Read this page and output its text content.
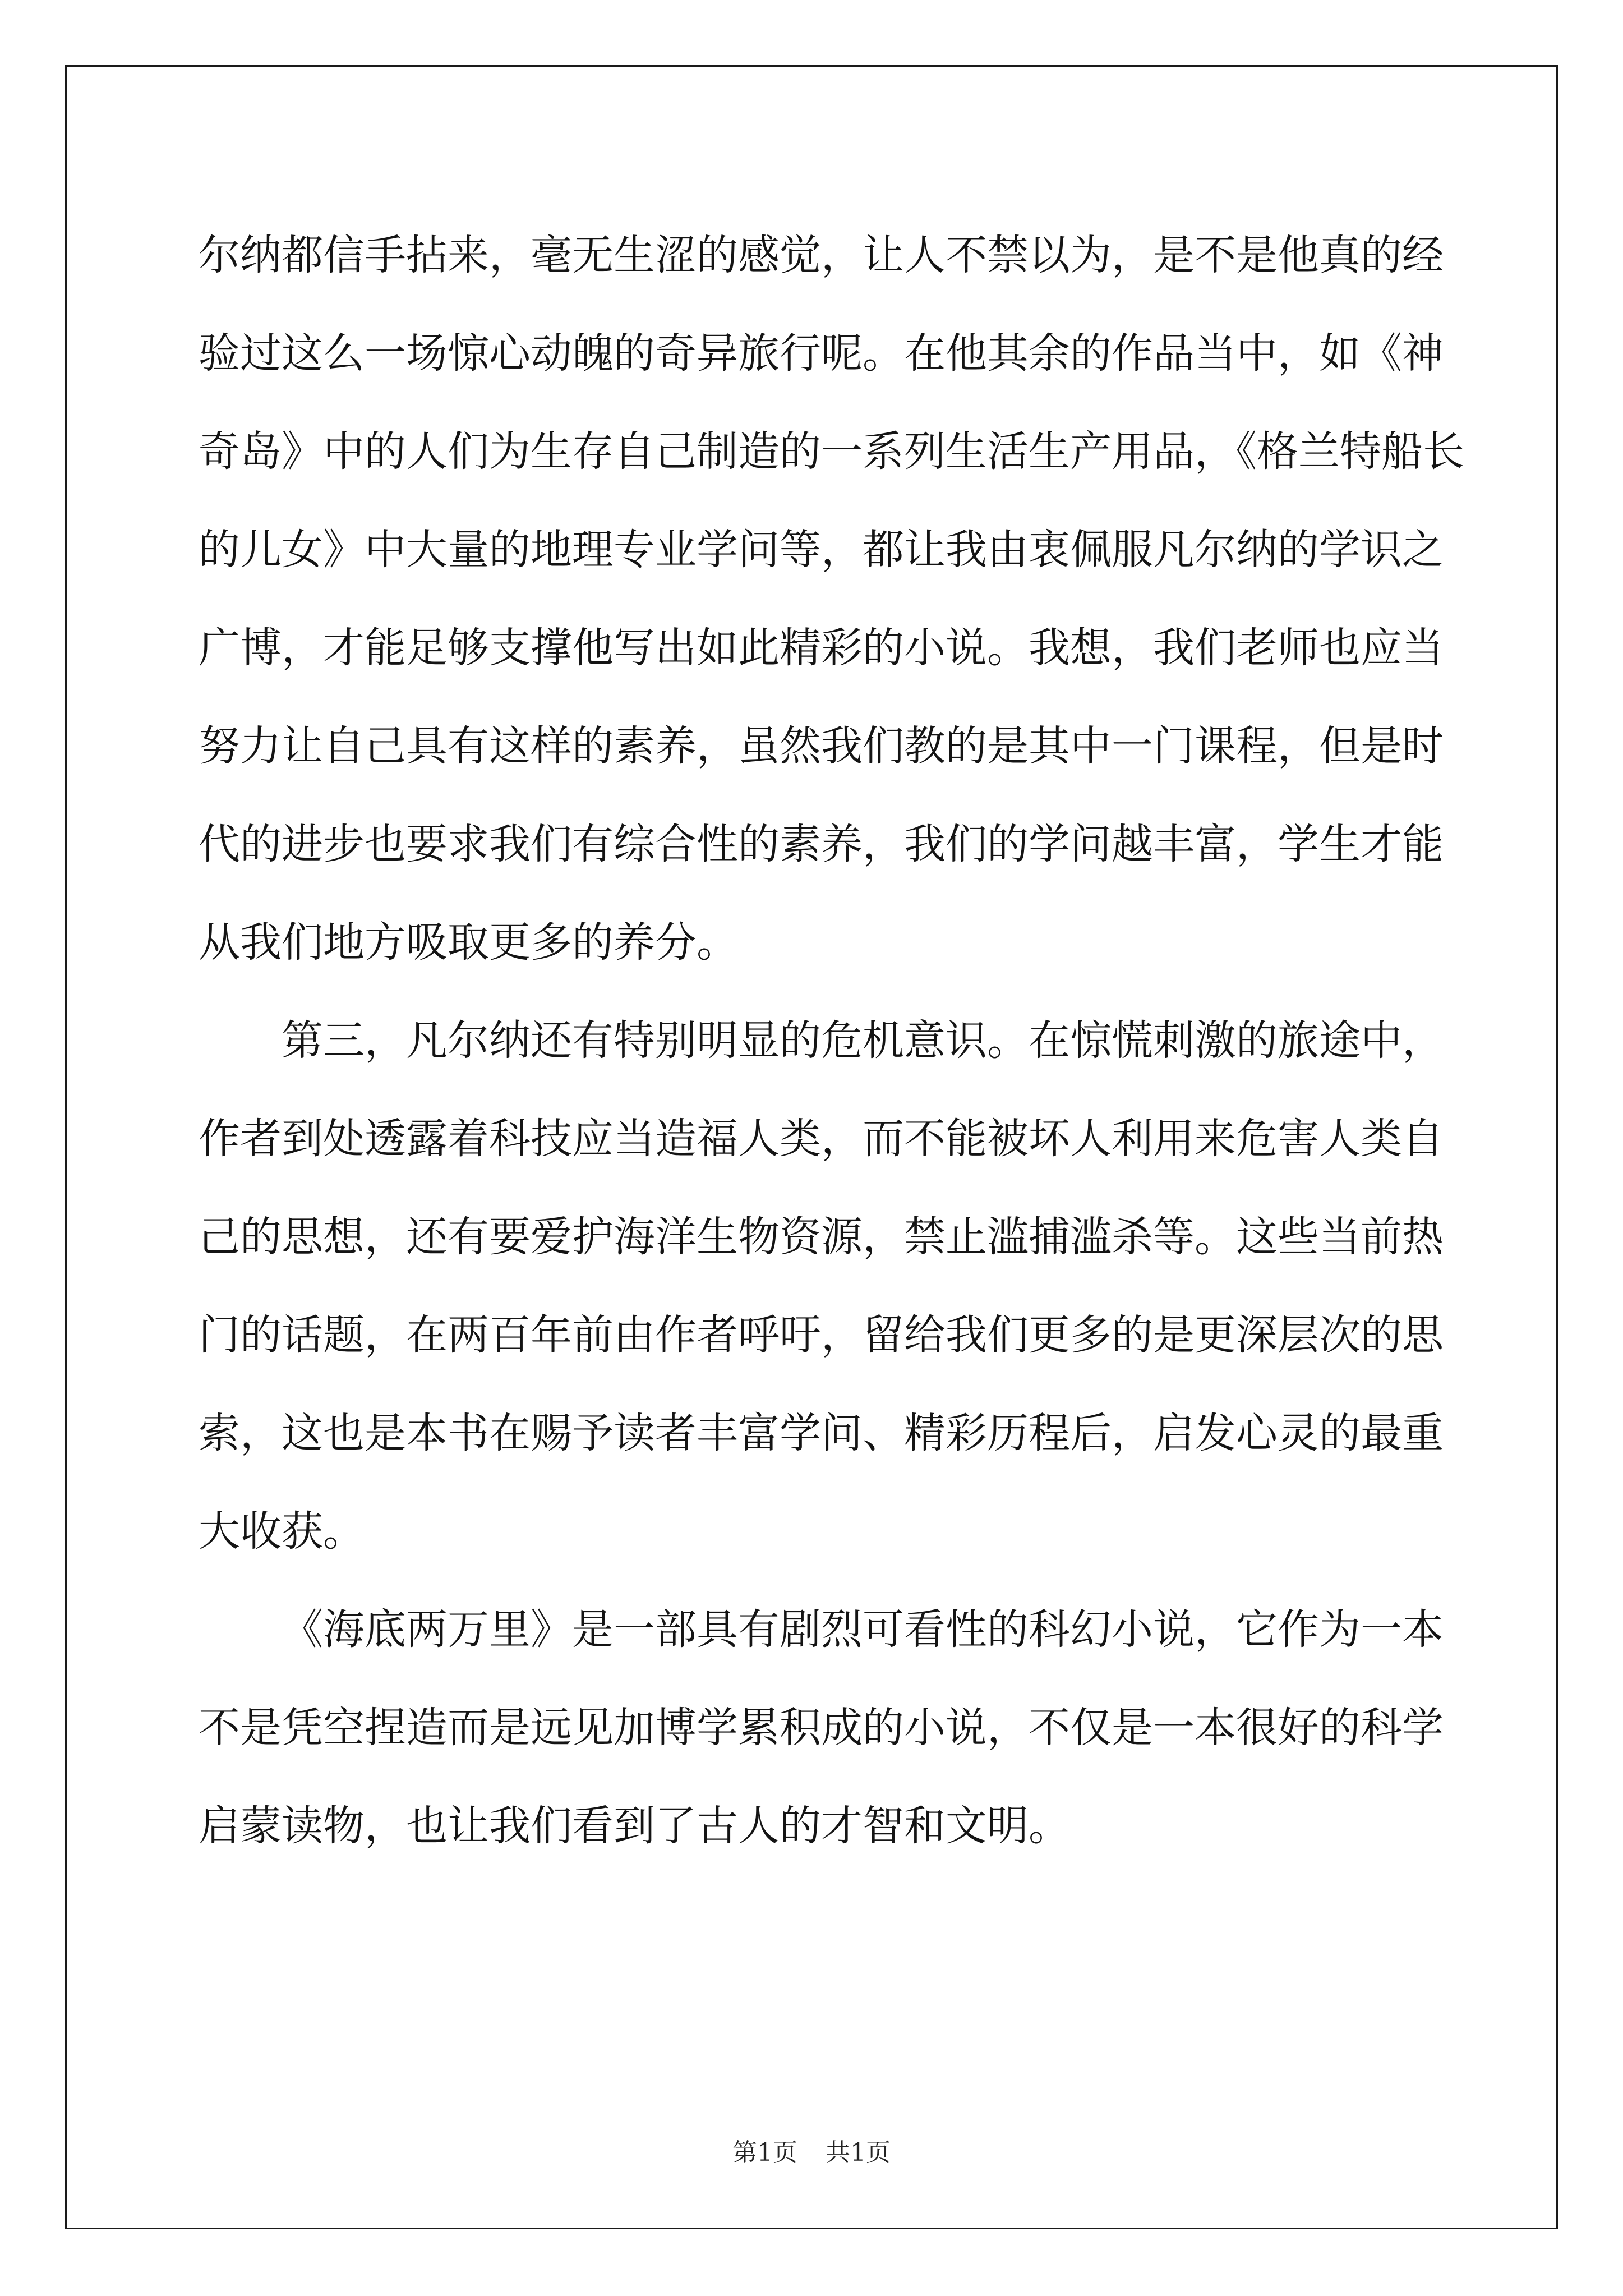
尔纳都信手拈来，毫无生涩的感觉，让人不禁以为，是不是他真的经
验过这么一场惊心动魄的奇异旅行呢。在他其余的作品当中，如《神
奇岛》中的人们为生存自己制造的一系列生活生产用品，《格兰特船长
的儿女》中大量的地理专业学问等，都让我由衷佩服凡尔纳的学识之
广博，才能足够支撑他写出如此精彩的小说。我想，我们老师也应当
努力让自己具有这样的素养，虽然我们教的是其中一门课程，但是时
代的进步也要求我们有综合性的素养，我们的学问越丰富，学生才能
从我们地方吸取更多的养分。
第三，凡尔纳还有特别明显的危机意识。在惊慌刺激的旅途中，
作者到处透露着科技应当造福人类，而不能被坏人利用来危害人类自
己的思想，还有要爱护海洋生物资源，禁止滥捕滥杀等。这些当前热
门的话题，在两百年前由作者呼吁，留给我们更多的是更深层次的思
索，这也是本书在赐予读者丰富学问、精彩历程后，启发心灵的最重
大收获。
《海底两万里》是一部具有剧烈可看性的科幻小说，它作为一本
不是凭空捏造而是远见加博学累积成的小说，不仅是一本很好的科学
启蒙读物，也让我们看到了古人的才智和文明。
第1页 共1页
